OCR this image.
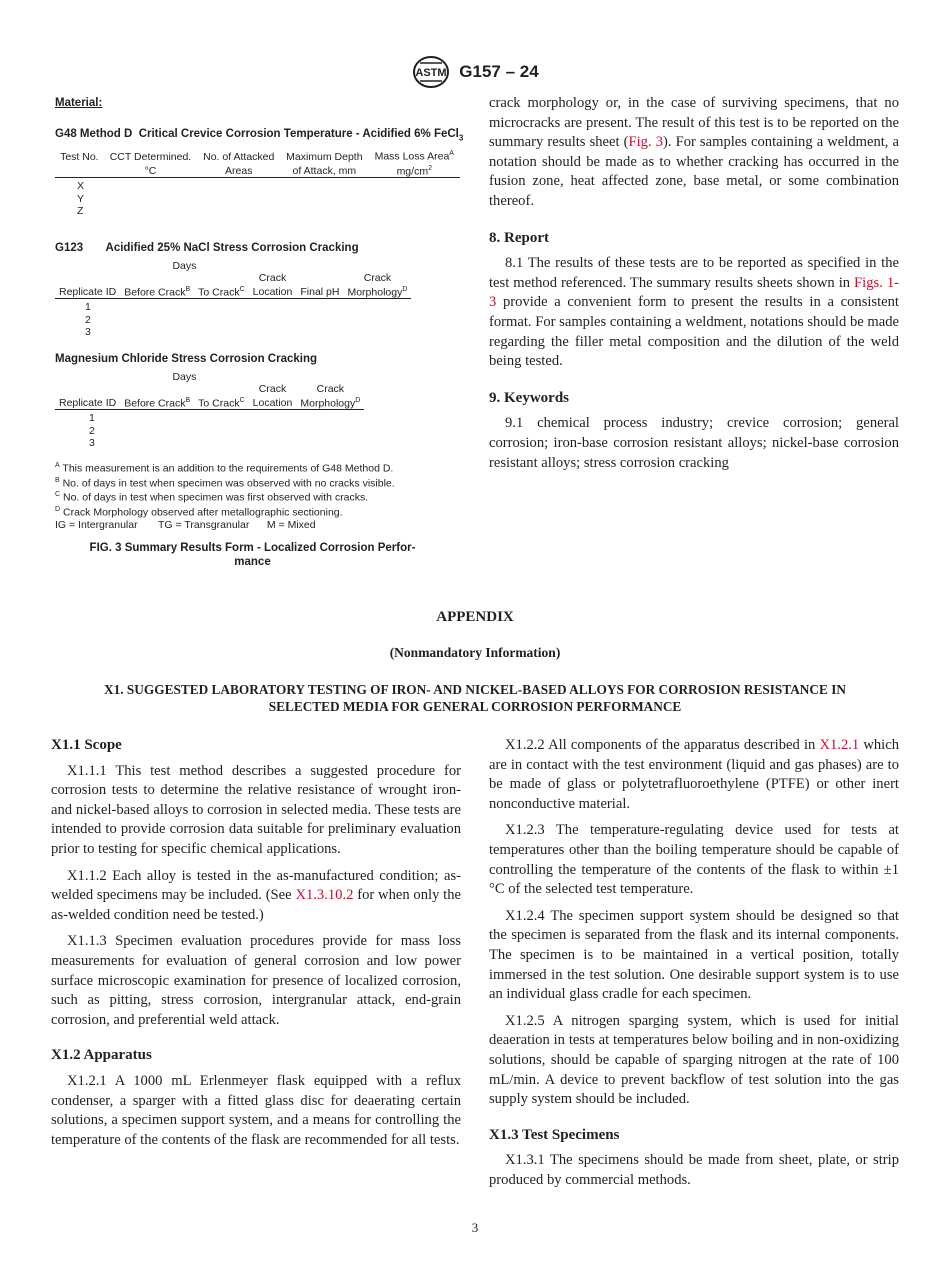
ASTM G157 – 24
Material:
G48 Method D Critical Crevice Corrosion Temperature - Acidified 6% FeCl$_3$
Test No.	CCT Determined.	No. of Attacked	Maximum Depth	Mass Loss Area$^A$
	°C	Areas	of Attack, mm	$mg/cm^2$
X
Y
Z
G123 Acidified 25% NaCl Stress Corrosion Cracking
	Days				
			Crack		Crack
Replicate ID	Before Crack$^B$	To Crack$^C$	Location	Final pH	Morphology$^D$
1
2
3
Magnesium Chloride Stress Corrosion Cracking
	Days			
			Crack	Crack
Replicate ID	Before Crack$^B$	To Crack$^C$	Location	Morphology$^D$
1
2
3
$^A$ This measurement is an addition to the requirements of G48 Method D.
$^B$ No. of days in test when specimen was observed with no cracks visible.
$^C$ No. of days in test when specimen was first observed with cracks.
$^D$ Crack Morphology observed after metallographic sectioning.
IG = Intergranular TG = Transgranular M = Mixed
FIG. 3 Summary Results Form - Localized Corrosion Perfor-
mance

crack morphology or, in the case of surviving specimens, that no microcracks are present. The result of this test is to be reported on the summary results sheet (Fig. 3). For samples containing a weldment, a notation should be made as to whether cracking has occurred in the fusion zone, heat affected zone, base metal, or some combination thereof.

8. Report

8.1 The results of these tests are to be reported as specified in the test method referenced. The summary results sheets shown in Figs. 1-3 provide a convenient form to present the results in a consistent format. For samples containing a weldment, notations should be made regarding the filler metal composition and the dilution of the weld being tested.

9. Keywords

9.1 chemical process industry; crevice corrosion; general corrosion; iron-base corrosion resistant alloys; nickel-base corrosion resistant alloys; stress corrosion cracking

APPENDIX
(Nonmandatory Information)
X1. SUGGESTED LABORATORY TESTING OF IRON- AND NICKEL-BASED ALLOYS FOR CORROSION RESISTANCE IN
SELECTED MEDIA FOR GENERAL CORROSION PERFORMANCE
X1.1 Scope

X1.1.1 This test method describes a suggested procedure for corrosion tests to determine the relative resistance of wrought iron- and nickel-based alloys to corrosion in selected media. These tests are intended to provide corrosion data suitable for preliminary evaluation prior to testing for specific chemical applications.

X1.1.2 Each alloy is tested in the as-manufactured condition; as-welded specimens may be included. (See X1.3.10.2 for when only the as-welded condition need be tested.)

X1.1.3 Specimen evaluation procedures provide for mass loss measurements for evaluation of general corrosion and low power surface microscopic examination for presence of localized corrosion, such as pitting, stress corrosion, intergranular attack, end-grain corrosion, and preferential weld attack.

X1.2 Apparatus

X1.2.1 A 1000 mL Erlenmeyer flask equipped with a reflux condenser, a sparger with a fitted glass disc for deaerating certain solutions, a specimen support system, and a means for controlling the temperature of the contents of the flask are recommended for all tests.

X1.2.2 All components of the apparatus described in X1.2.1 which are in contact with the test environment (liquid and gas phases) are to be made of glass or polytetrafluoroethylene (PTFE) or other inert nonconductive material.

X1.2.3 The temperature-regulating device used for tests at temperatures other than the boiling temperature should be capable of controlling the temperature of the contents of the flask to within ±1 °C of the selected test temperature.

X1.2.4 The specimen support system should be designed so that the specimen is separated from the flask and its internal components. The specimen is to be maintained in a vertical position, totally immersed in the test solution. One desirable support system is to use an individual glass cradle for each specimen.

X1.2.5 A nitrogen sparging system, which is used for initial deaeration in tests at temperatures below boiling and in non-oxidizing solutions, should be capable of sparging nitrogen at the rate of 100 mL/min. A device to prevent backflow of test solution into the gas supply system should be included.

X1.3 Test Specimens

X1.3.1 The specimens should be made from sheet, plate, or strip produced by commercial methods.

3
